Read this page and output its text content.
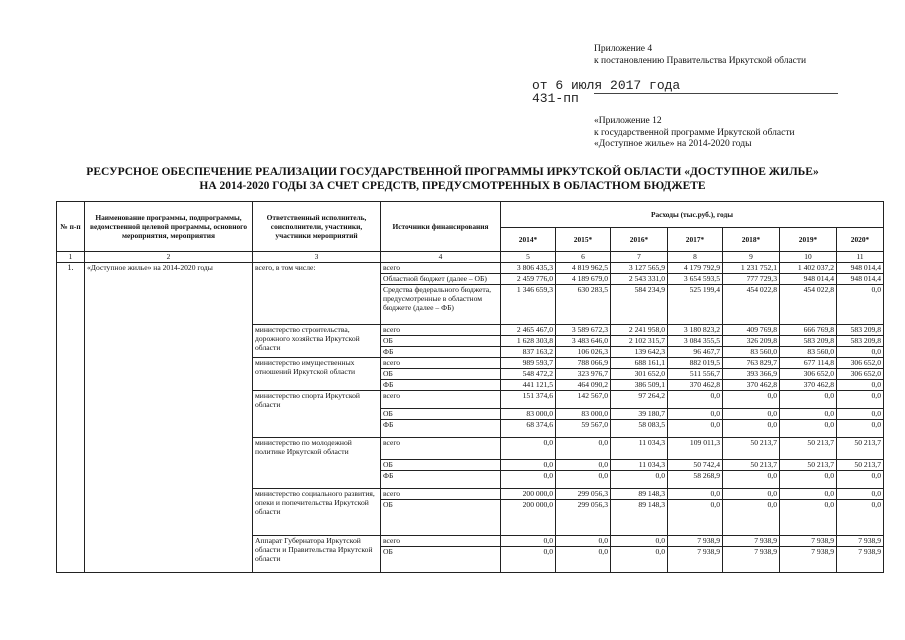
Приложение 4
к постановлению Правительства Иркутской области
от 6 июля 2017 года
431-пп
«Приложение 12
к государственной программе Иркутской области
«Доступное жилье» на 2014-2020 годы
РЕСУРСНОЕ ОБЕСПЕЧЕНИЕ РЕАЛИЗАЦИИ ГОСУДАРСТВЕННОЙ ПРОГРАММЫ ИРКУТСКОЙ ОБЛАСТИ «ДОСТУПНОЕ ЖИЛЬЕ»
НА 2014-2020 ГОДЫ ЗА СЧЕТ СРЕДСТВ, ПРЕДУСМОТРЕННЫХ В ОБЛАСТНОМ БЮДЖЕТЕ
№ п-п	Наименование программы, подпрограммы, ведомственной целевой программы, основного мероприятия, мероприятия	Ответственный исполнитель, соисполнители, участники, участники мероприятий	Источники финансирования	Расходы (тыс.руб.), годы						
				2014*	2015*	2016*	2017*	2018*	2019*	2020*
1	2	3	4	5	6	7	8	9	10	11
1.	«Доступное жилье» на 2014-2020 годы	всего, в том числе:	всего	3 806 435,3	4 819 962,5	3 127 565,9	4 179 792,9	1 231 752,1	1 402 037,2	948 014,4
			Областной бюджет (далее – ОБ)	2 459 776,0	4 189 679,0	2 543 331,0	3 654 593,5	777 729,3	948 014,4	948 014,4
			Средства федерального бюджета, предусмотренные в областном бюджете (далее – ФБ)	1 346 659,3	630 283,5	584 234,9	525 199,4	454 022,8	454 022,8	0,0
		министерство строительства, дорожного хозяйства Иркутской области	всего	2 465 467,0	3 589 672,3	2 241 958,0	3 180 823,2	409 769,8	666 769,8	583 209,8
			ОБ	1 628 303,8	3 483 646,0	2 102 315,7	3 084 355,5	326 209,8	583 209,8	583 209,8
			ФБ	837 163,2	106 026,3	139 642,3	96 467,7	83 560,0	83 560,0	0,0
		министерство имущественных отношений Иркутской области	всего	989 593,7	788 066,9	688 161,1	882 019,5	763 829,7	677 114,8	306 652,0
			ОБ	548 472,2	323 976,7	301 652,0	511 556,7	393 366,9	306 652,0	306 652,0
			ФБ	441 121,5	464 090,2	386 509,1	370 462,8	370 462,8	370 462,8	0,0
		министерство спорта Иркутской области	всего	151 374,6	142 567,0	97 264,2	0,0	0,0	0,0	0,0
			ОБ	83 000,0	83 000,0	39 180,7	0,0	0,0	0,0	0,0
			ФБ	68 374,6	59 567,0	58 083,5	0,0	0,0	0,0	0,0
		министерство по молодежной политике Иркутской области	всего	0,0	0,0	11 034,3	109 011,3	50 213,7	50 213,7	50 213,7
			ОБ	0,0	0,0	11 034,3	50 742,4	50 213,7	50 213,7	50 213,7
			ФБ	0,0	0,0	0,0	58 268,9	0,0	0,0	0,0
		министерство социального развития, опеки и попечительства Иркутской области	всего	200 000,0	299 056,3	89 148,3	0,0	0,0	0,0	0,0
			ОБ	200 000,0	299 056,3	89 148,3	0,0	0,0	0,0	0,0
		Аппарат Губернатора Иркутской области и Правительства Иркутской области	всего	0,0	0,0	0,0	7 938,9	7 938,9	7 938,9	7 938,9
			ОБ	0,0	0,0	0,0	7 938,9	7 938,9	7 938,9	7 938,9
